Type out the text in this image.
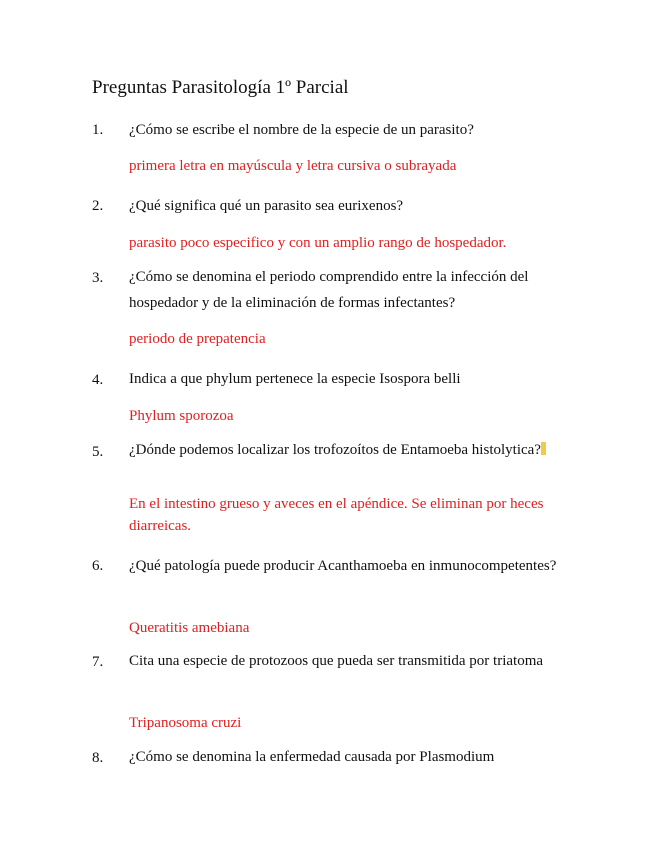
Preguntas Parasitología 1º Parcial
1. ¿Cómo se escribe el nombre de la especie de un parasito?
primera letra en mayúscula y letra cursiva o subrayada
2. ¿Qué significa qué un parasito sea eurixenos?
parasito poco especifico y con un amplio rango de hospedador.
3. ¿Cómo se denomina el periodo comprendido entre la infección del hospedador y de la eliminación de formas infectantes?
periodo de prepatencia
4. Indica a que phylum pertenece la especie Isospora belli
Phylum sporozoa
5. ¿Dónde podemos localizar los trofozoítos de Entamoeba histolytica?
En el intestino grueso y aveces en el apéndice. Se eliminan por heces diarreicas.
6. ¿Qué patología puede producir Acanthamoeba en inmunocompetentes?
Queratitis amebiana
7. Cita una especie de protozoos que pueda ser transmitida por triatoma
Tripanosoma cruzi
8. ¿Cómo se denomina la enfermedad causada por Plasmodium
